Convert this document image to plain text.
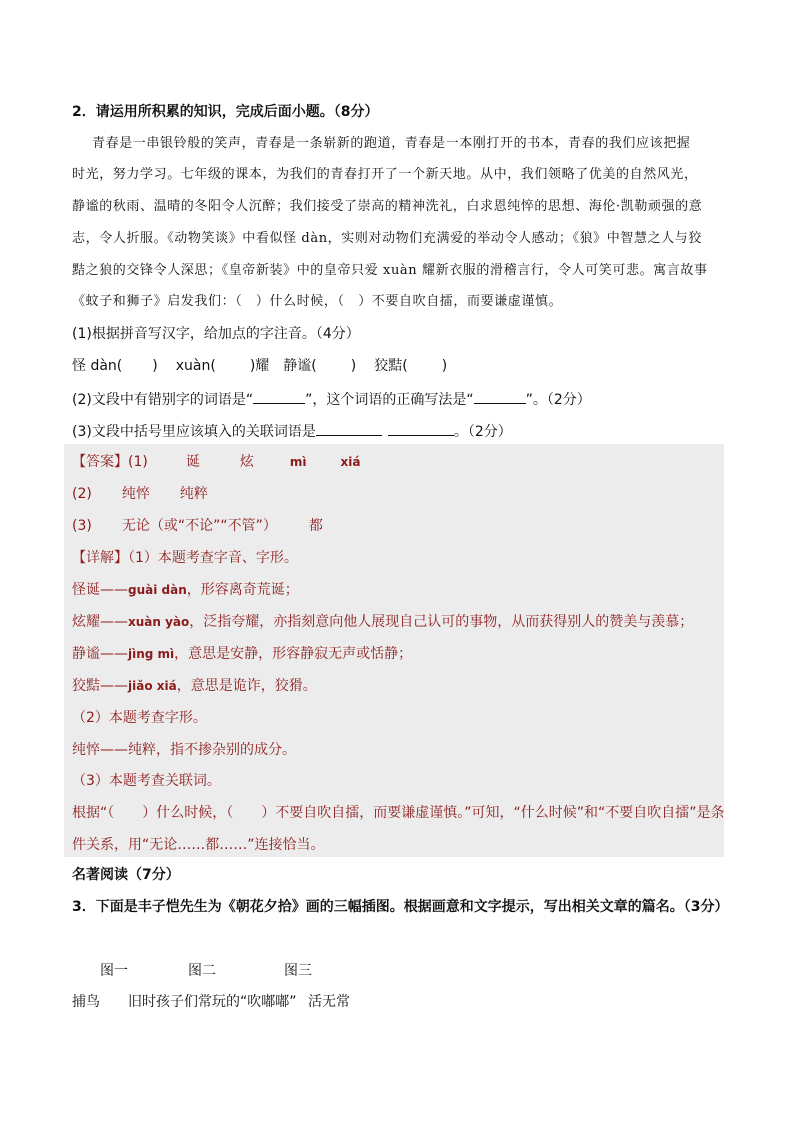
2．请运用所积累的知识，完成后面小题。（8分）
青春是一串银铃般的笑声，青春是一条崭新的跑道，青春是一本刚打开的书本，青春的我们应该把握
时光，努力学习。七年级的课本，为我们的青春打开了一个新天地。从中，我们领略了优美的自然风光，
静谧的秋雨、温晴的冬阳令人沉醉；我们接受了崇高的精神洗礼，白求恩纯悴的思想、海伦·凯勒顽强的意
志，令人折服。《动物笑谈》中看似怪 dàn，实则对动物们充满爱的举动令人感动；《狼》中智慧之人与狡
黠之狼的交锋令人深思；《皇帝新装》中的皇帝只爱 xuàn 耀新衣服的滑稽言行，令人可笑可悲。寓言故事
《蚊子和狮子》启发我们：（　）什么时候，（　）不要自吹自擂，而要谦虚谨慎。
(1)根据拼音写汉字，给加点的字注音。（4分）
怪 dàn( ) xuàn( )耀 静谧( ) 狡黠( )
(2)文段中有错别字的词语是“	”，这个词语的正确写法是“	”。（2分）
(3)文段中括号里应该填入的关联词语是	。（2分）
【答案】(1)	诞	炫	mì	xiá
(2) 纯悴 纯粹
(3) 无论（或“不论”“不管”） 都
【详解】（1）本题考查字音、字形。
怪诞——guài dàn，形容离奇荒诞；
炫耀——xuàn yào，泛指夸耀，亦指刻意向他人展现自己认可的事物，从而获得别人的赞美与羡慕；
静谧——jìng mì，意思是安静，形容静寂无声或恬静；
狡黠——jiǎo xiá，意思是诡诈，狡猾。
（2）本题考查字形。
纯悴——纯粹，指不掺杂别的成分。
（3）本题考查关联词。
根据“（　　）什么时候，（　　）不要自吹自擂，而要谦虚谨慎。”可知，“什么时候”和“不要自吹自擂”是条
件关系，用“无论……都……”连接恰当。
名著阅读（7分）
3．下面是丰子恺先生为《朝花夕拾》画的三幅插图。根据画意和文字提示，写出相关文章的篇名。（3分）
图一	图二	图三
捕鸟 旧时孩子们常玩的“吹嘟嘟” 活无常
